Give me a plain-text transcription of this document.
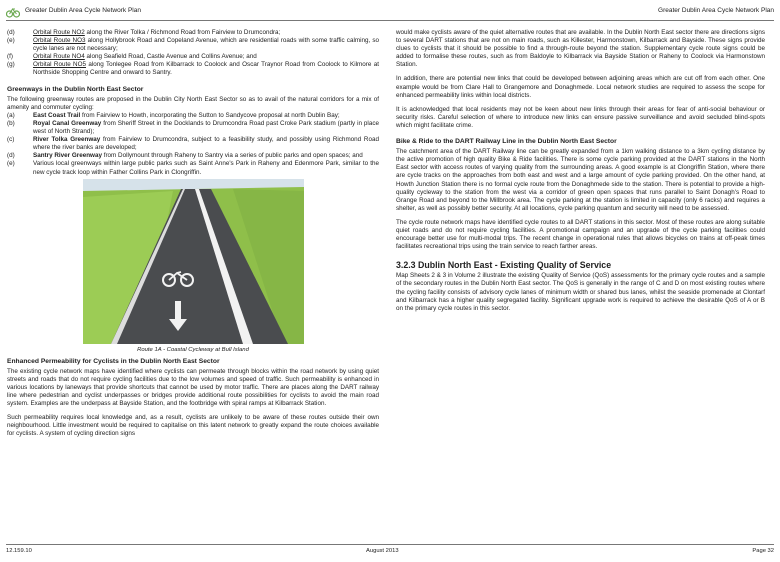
Greater Dublin Area Cycle Network Plan	Greater Dublin Area Cycle Network Plan
(d)	Orbital Route NO2 along the River Tolka / Richmond Road from Fairview to Drumcondra;
(e)	Orbital Route NO3 along Hollybrook Road and Copeland Avenue, which are residential roads with some traffic calming, so cycle lanes are not necessary;
(f)	Orbital Route NO4 along Seafield Road, Castle Avenue and Collins Avenue; and
(g)	Orbital Route NO5 along Tonlegee Road from Kilbarrack to Coolock and Oscar Traynor Road from Coolock to Kilmore at Northside Shopping Centre and onward to Santry.
Greenways in the Dublin North East Sector

The following greenway routes are proposed in the Dublin City North East Sector so as to avail of the natural corridors for a mix of amenity and commuter cycling:

(a)	East Coast Trail from Fairview to Howth, incorporating the Sutton to Sandycove proposal at north Dublin Bay;
(b)	Royal Canal Greenway from Sheriff Street in the Docklands to Drumcondra Road past Croke Park stadium (partly in place west of North Strand);
(c)	River Tolka Greenway from Fairview to Drumcondra, subject to a feasibility study, and possibly using Richmond Road where the river banks are developed;
(d)	Santry River Greenway from Dollymount through Raheny to Santry via a series of public parks and open spaces; and
(e)	Various local greenways within large public parks such as Saint Anne's Park in Raheny and Edenmore Park, similar to the new cycle track loop within Father Collins Park in Clongriffin.
Route 1A - Coastal Cycleway at Bull Island
Enhanced Permeability for Cyclists in the Dublin North East Sector

The existing cycle network maps have identified where cyclists can permeate through blocks within the road network by using quiet streets and roads that do not require cycling facilities due to the low volumes and speed of traffic. Such permeability is enhanced in various locations by laneways that provide shortcuts that cannot be used by motor traffic. There are places along the DART railway line where pedestrian and cyclist underpasses or bridges provide additional route possibilities for cyclists to avoid the main road system. Examples are the underpass at Bayside Station, and the footbridge with spiral ramps at Kilbarrack Station.

Such permeability requires local knowledge and, as a result, cyclists are unlikely to be aware of these routes outside their own neighbourhood. Little investment would be required to capitalise on this latent network to greatly expand the route choices available for cyclists. A system of cycling direction signs

would make cyclists aware of the quiet alternative routes that are available. In the Dublin North East sector there are directions signs to several DART stations that are not on main roads, such as Killester, Harmonstown, Kilbarrack and Bayside. These signs provide clues to cyclists that it should be possible to find a through-route beyond the station. Supplementary cycle route signs could be added to formalise these routes, such as from Baldoyle to Kilbarrack via Bayside Station or Raheny to Coolock via Harmonstown Station.

In addition, there are potential new links that could be developed between adjoining areas which are cut off from each other. One example would be from Clare Hall to Grangemore and Donaghmede. Local network studies are required to assess the scope for enhanced permeability links within local districts.

It is acknowledged that local residents may not be keen about new links through their areas for fear of anti-social behaviour or security risks. Careful selection of where to introduce new links can ensure passive surveillance and avoid secluded blind-spots which might facilitate crime.

Bike & Ride to the DART Railway Line in the Dublin North East Sector

The catchment area of the DART Railway line can be greatly expanded from a 1km walking distance to a 3km cycling distance by the active promotion of high quality Bike & Ride facilities. There is some cycle parking provided at the DART stations in the North East sector with access routes of varying quality from the surrounding areas. A good example is at Clongriffin Station, where there are cycle tracks on the approaches from both east and west and a large amount of cycle parking provided. On the other hand, at Howth Junction Station there is no formal cycle route from the Donaghmede side to the station. There is potential to provide a high-quality cycleway to the station from the west via a corridor of green open spaces that runs parallel to Saint Donagh's Road to Grange Road and beyond to the Millbrook area. The cycle parking at the station is limited in capacity (only 6 racks) and requires a shelter, as well as possibly better security. At all locations, cycle parking quantum and security will need to be assessed.

The cycle route network maps have identified cycle routes to all DART stations in this sector. Most of these routes are along suitable quiet roads and do not require cycling facilities. A promotional campaign and an upgrade of the cycle parking facilities could encourage better use for multi-modal trips. The recent change in operational rules that allows bicycles on trains at off-peak times facilitates recreational trips using the train service to reach farther areas.

3.2.3 Dublin North East - Existing Quality of Service

Map Sheets 2 & 3 in Volume 2 illustrate the existing Quality of Service (QoS) assessments for the primary cycle routes and a sample of the secondary routes in the Dublin North East sector. The QoS is generally in the range of C and D on most existing routes where the cycling facility consists of advisory cycle lanes of minimum width or shared bus lanes, whilst the seaside promenade at Clontarf and Kilbarrack has a higher quality segregated facility. Significant upgrade work is required to achieve the desirable QoS of A or B on the primary cycle routes in this sector.

12.159.10	August 2013	Page 32
